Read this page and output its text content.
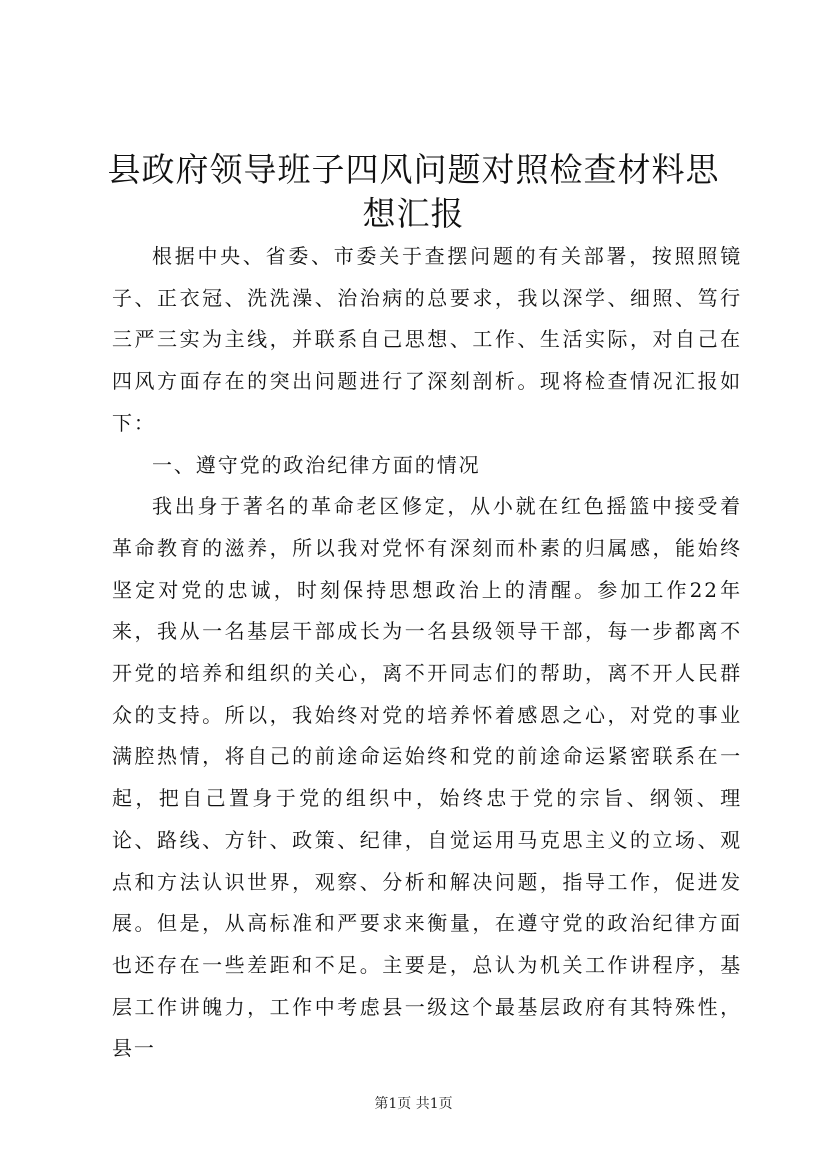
县政府领导班子四风问题对照检查材料思想汇报

根据中央、省委、市委关于查摆问题的有关部署，按照照镜子、正衣冠、洗洗澡、治治病的总要求，我以深学、细照、笃行三严三实为主线，并联系自己思想、工作、生活实际，对自己在四风方面存在的突出问题进行了深刻剖析。现将检查情况汇报如下：

一、遵守党的政治纪律方面的情况

我出身于著名的革命老区修定，从小就在红色摇篮中接受着革命教育的滋养，所以我对党怀有深刻而朴素的归属感，能始终坚定对党的忠诚，时刻保持思想政治上的清醒。参加工作22年来，我从一名基层干部成长为一名县级领导干部，每一步都离不开党的培养和组织的关心，离不开同志们的帮助，离不开人民群众的支持。所以，我始终对党的培养怀着感恩之心，对党的事业满腔热情，将自己的前途命运始终和党的前途命运紧密联系在一起，把自己置身于党的组织中，始终忠于党的宗旨、纲领、理论、路线、方针、政策、纪律，自觉运用马克思主义的立场、观点和方法认识世界，观察、分析和解决问题，指导工作，促进发展。但是，从高标准和严要求来衡量，在遵守党的政治纪律方面也还存在一些差距和不足。主要是，总认为机关工作讲程序，基层工作讲魄力，工作中考虑县一级这个最基层政府有其特殊性，县一

第1页 共1页
